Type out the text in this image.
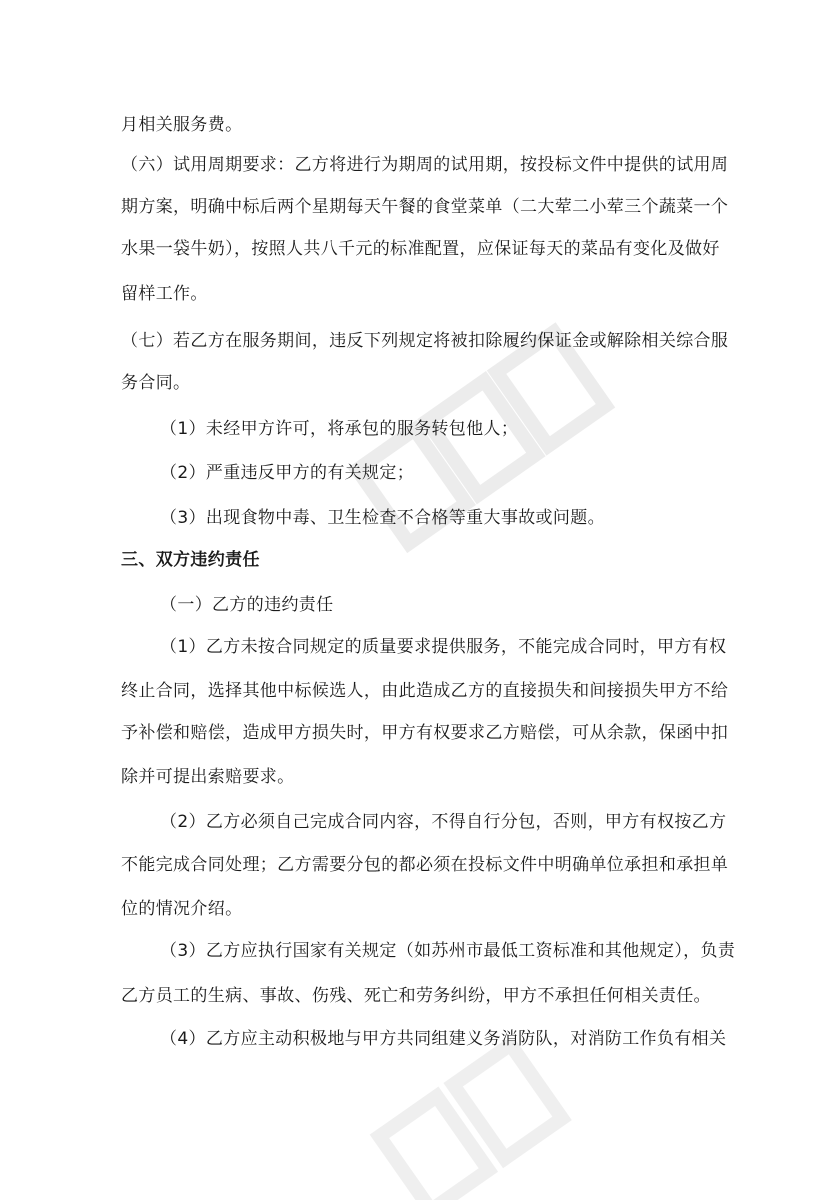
月相关服务费。
（六）试用周期要求：乙方将进行为期周的试用期，按投标文件中提供的试用周
期方案，明确中标后两个星期每天午餐的食堂菜单（二大荤二小荤三个蔬菜一个
水果一袋牛奶），按照人共八千元的标准配置，应保证每天的菜品有变化及做好
留样工作。
（七）若乙方在服务期间，违反下列规定将被扣除履约保证金或解除相关综合服
务合同。
（1）未经甲方许可，将承包的服务转包他人；
（2）严重违反甲方的有关规定；
（3）出现食物中毒、卫生检查不合格等重大事故或问题。
三、双方违约责任
（一）乙方的违约责任
（1）乙方未按合同规定的质量要求提供服务，不能完成合同时，甲方有权
终止合同，选择其他中标候选人，由此造成乙方的直接损失和间接损失甲方不给
予补偿和赔偿，造成甲方损失时，甲方有权要求乙方赔偿，可从余款，保函中扣
除并可提出索赔要求。
（2）乙方必须自己完成合同内容，不得自行分包，否则，甲方有权按乙方
不能完成合同处理；乙方需要分包的都必须在投标文件中明确单位承担和承担单
位的情况介绍。
（3）乙方应执行国家有关规定（如苏州市最低工资标准和其他规定），负责
乙方员工的生病、事故、伤残、死亡和劳务纠纷，甲方不承担任何相关责任。
（4）乙方应主动积极地与甲方共同组建义务消防队，对消防工作负有相关
